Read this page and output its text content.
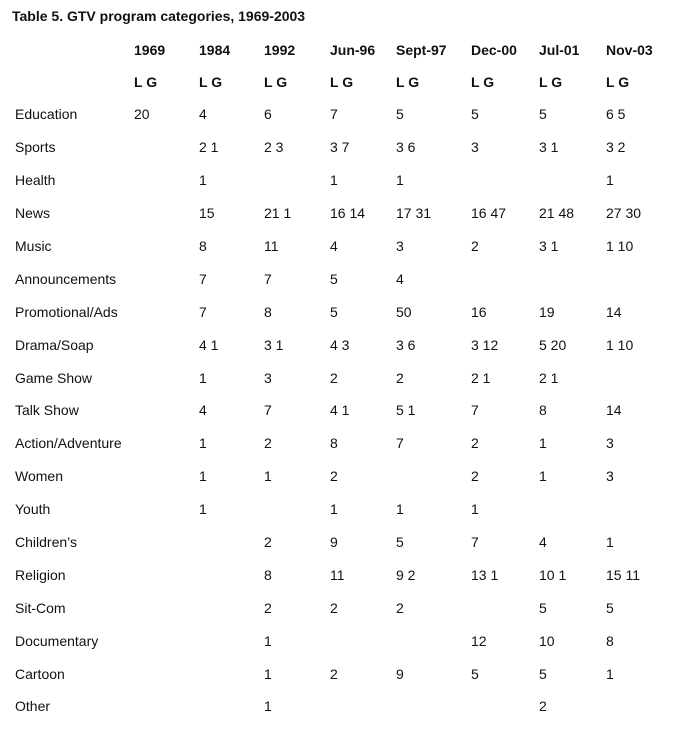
Table 5. GTV program categories, 1969-2003
	1969	1984	1992	Jun-96	Sept-97	Dec-00	Jul-01	Nov-03
	L G	L G	L G	L G	L G	L G	L G	L G
Education	20	4	6	7	5	5	5	6 5
Sports		2 1	2 3	3 7	3 6	3	3 1	3 2
Health		1		1	1			1
News		15	21 1	16 14	17 31	16 47	21 48	27 30
Music		8	11	4	3	2	3 1	1 10
Announcements		7	7	5	4			
Promotional/Ads		7	8	5	50	16	19	14
Drama/Soap		4 1	3 1	4 3	3 6	3 12	5 20	1 10
Game Show		1	3	2	2	2 1	2 1	
Talk Show		4	7	4 1	5 1	7	8	14
Action/Adventure		1	2	8	7	2	1	3
Women		1	1	2		2	1	3
Youth		1		1	1	1		
Children’s			2	9	5	7	4	1
Religion			8	11	9 2	13 1	10 1	15 11
Sit-Com			2	2	2		5	5
Documentary			1			12	10	8
Cartoon			1	2	9	5	5	1
Other			1				2	
